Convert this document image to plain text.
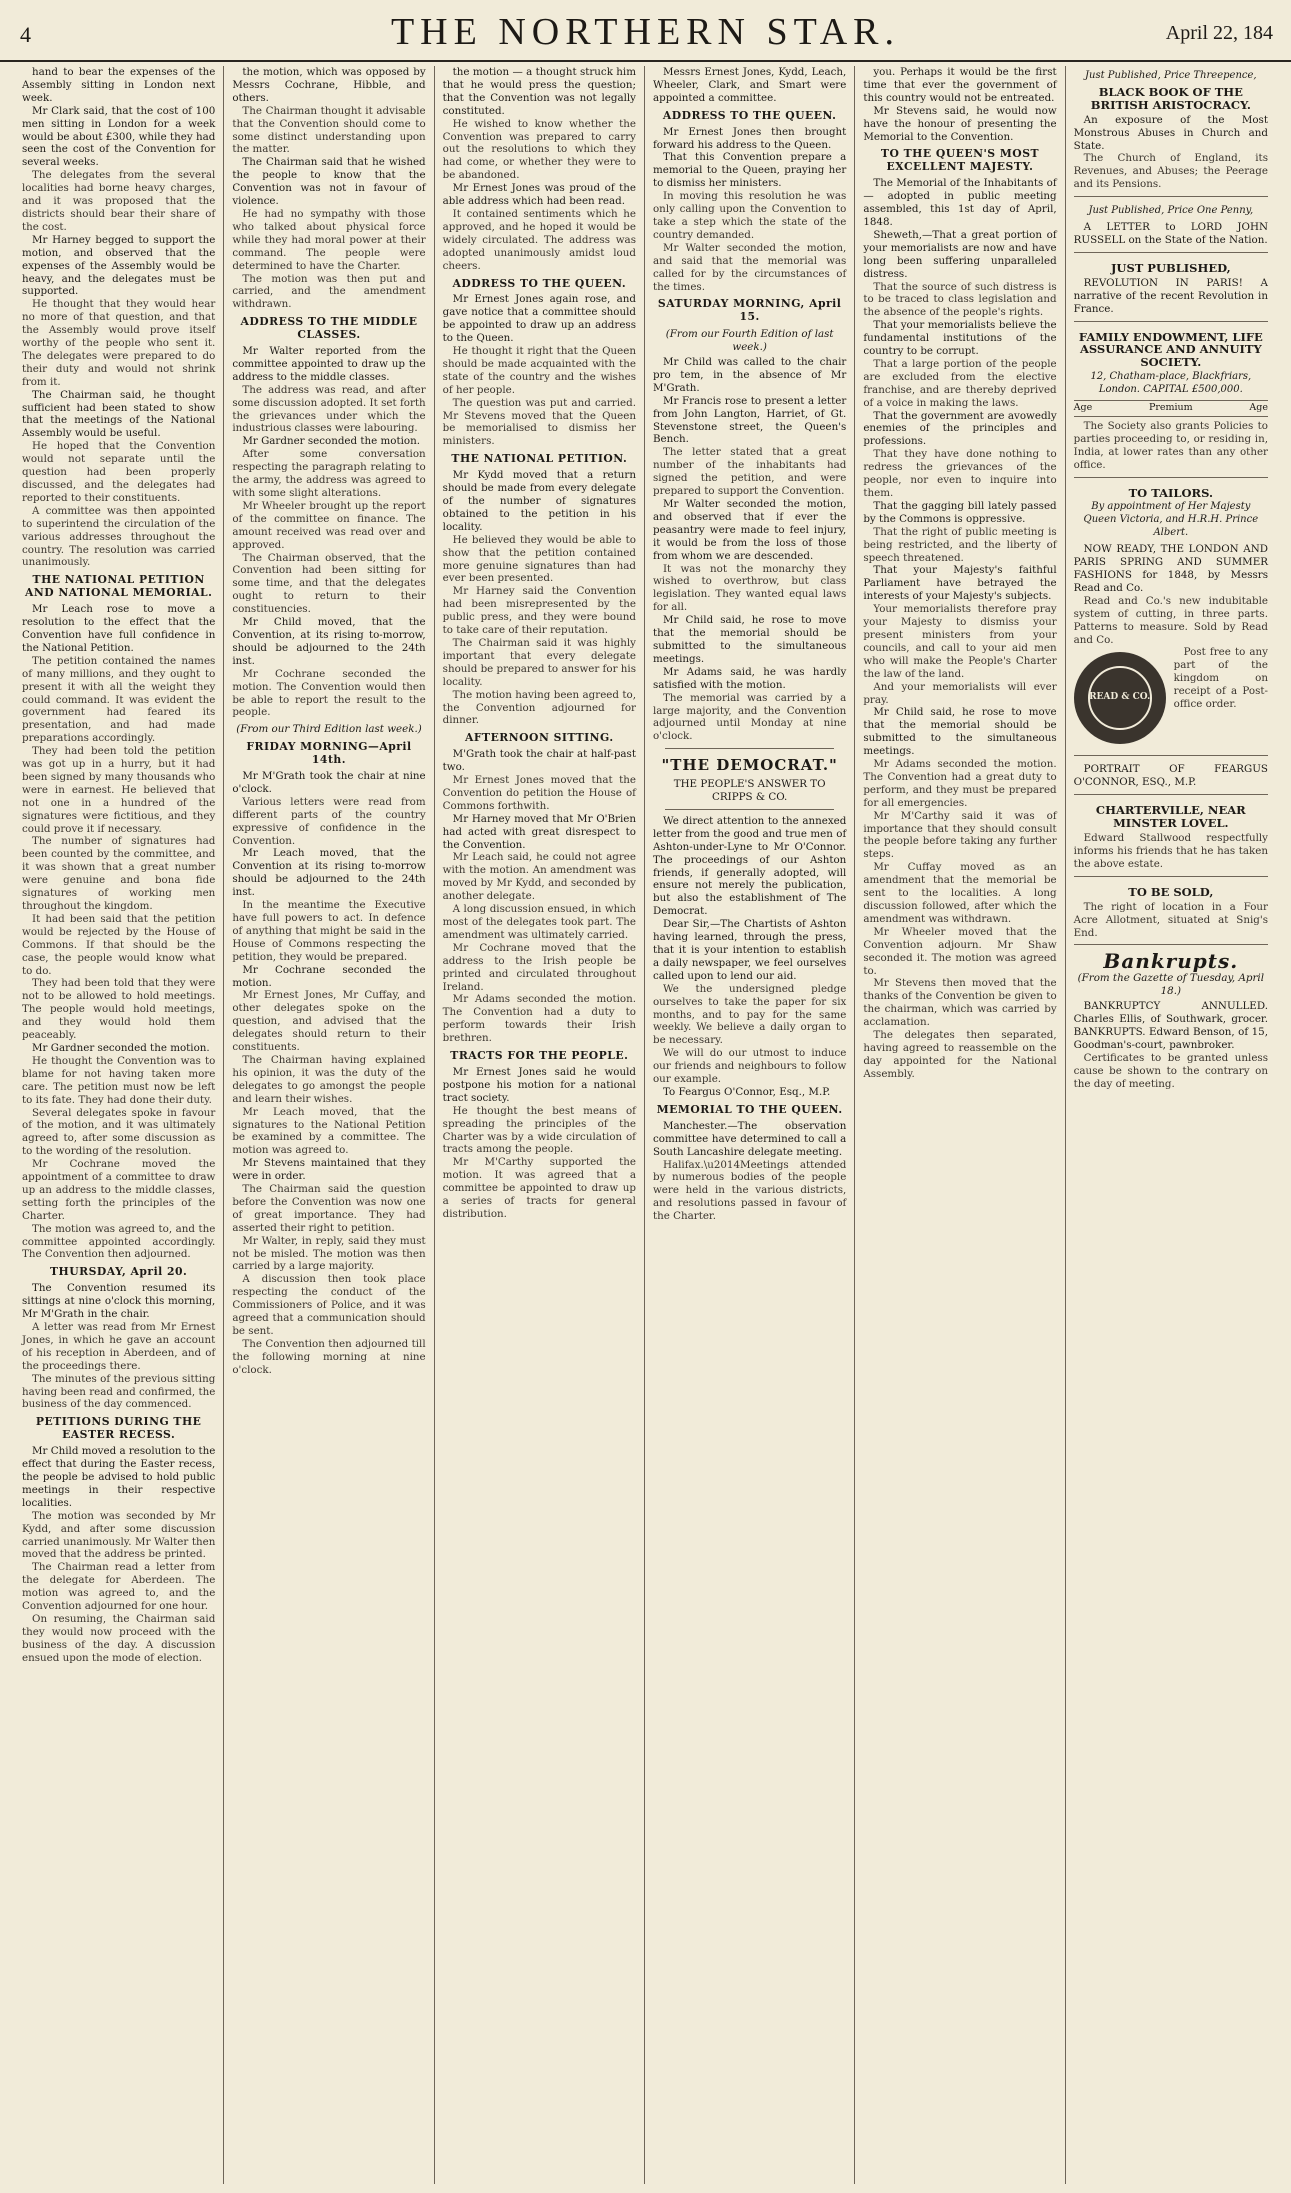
4	THE NORTHERN STAR.	April 22, 184

hand to bear the expenses of the Assembly sitting in London next week.

Mr Clark said, that the cost of 100 men sitting in London for a week would be about £300, while they had seen the cost of the Convention for several weeks.

The delegates from the several localities had borne heavy charges, and it was proposed that the districts should bear their share of the cost.

Mr Harney begged to support the motion, and observed that the expenses of the Assembly would be heavy, and the delegates must be supported.

He thought that they would hear no more of that question, and that the Assembly would prove itself worthy of the people who sent it. The delegates were prepared to do their duty and would not shrink from it.

The Chairman said, he thought sufficient had been stated to show that the meetings of the National Assembly would be useful.

He hoped that the Convention would not separate until the question had been properly discussed, and the delegates had reported to their constituents.

A committee was then appointed to superintend the circulation of the various addresses throughout the country. The resolution was carried unanimously.

THE NATIONAL PETITION AND NATIONAL MEMORIAL.

Mr Leach rose to move a resolution to the effect that the Convention have full confidence in the National Petition.

The petition contained the names of many millions, and they ought to present it with all the weight they could command. It was evident the government had feared its presentation, and had made preparations accordingly.

They had been told the petition was got up in a hurry, but it had been signed by many thousands who were in earnest. He believed that not one in a hundred of the signatures were fictitious, and they could prove it if necessary.

The number of signatures had been counted by the committee, and it was shown that a great number were genuine and bona fide signatures of working men throughout the kingdom.

It had been said that the petition would be rejected by the House of Commons. If that should be the case, the people would know what to do.

They had been told that they were not to be allowed to hold meetings. The people would hold meetings, and they would hold them peaceably.

Mr Gardner seconded the motion.

He thought the Convention was to blame for not having taken more care. The petition must now be left to its fate. They had done their duty.

Several delegates spoke in favour of the motion, and it was ultimately agreed to, after some discussion as to the wording of the resolution.

Mr Cochrane moved the appointment of a committee to draw up an address to the middle classes, setting forth the principles of the Charter.

The motion was agreed to, and the committee appointed accordingly. The Convention then adjourned.

THURSDAY, April 20.

The Convention resumed its sittings at nine o'clock this morning, Mr M'Grath in the chair.

A letter was read from Mr Ernest Jones, in which he gave an account of his reception in Aberdeen, and of the proceedings there.

The minutes of the previous sitting having been read and confirmed, the business of the day commenced.

PETITIONS DURING THE EASTER RECESS.

Mr Child moved a resolution to the effect that during the Easter recess, the people be advised to hold public meetings in their respective localities.

The motion was seconded by Mr Kydd, and after some discussion carried unanimously. Mr Walter then moved that the address be printed.

The Chairman read a letter from the delegate for Aberdeen. The motion was agreed to, and the Convention adjourned for one hour.

On resuming, the Chairman said they would now proceed with the business of the day. A discussion ensued upon the mode of election.

the motion, which was opposed by Messrs Cochrane, Hibble, and others.

The Chairman thought it advisable that the Convention should come to some distinct understanding upon the matter.

The Chairman said that he wished the people to know that the Convention was not in favour of violence.

He had no sympathy with those who talked about physical force while they had moral power at their command. The people were determined to have the Charter.

The motion was then put and carried, and the amendment withdrawn.

ADDRESS TO THE MIDDLE CLASSES.

Mr Walter reported from the committee appointed to draw up the address to the middle classes.

The address was read, and after some discussion adopted. It set forth the grievances under which the industrious classes were labouring.

Mr Gardner seconded the motion.

After some conversation respecting the paragraph relating to the army, the address was agreed to with some slight alterations.

Mr Wheeler brought up the report of the committee on finance. The amount received was read over and approved.

The Chairman observed, that the Convention had been sitting for some time, and that the delegates ought to return to their constituencies.

Mr Child moved, that the Convention, at its rising to-morrow, should be adjourned to the 24th inst.

Mr Cochrane seconded the motion. The Convention would then be able to report the result to the people.

(From our Third Edition last week.)
FRIDAY MORNING—April 14th.

Mr M'Grath took the chair at nine o'clock.

Various letters were read from different parts of the country expressive of confidence in the Convention.

Mr Leach moved, that the Convention at its rising to-morrow should be adjourned to the 24th inst.

In the meantime the Executive have full powers to act. In defence of anything that might be said in the House of Commons respecting the petition, they would be prepared.

Mr Cochrane seconded the motion.

Mr Ernest Jones, Mr Cuffay, and other delegates spoke on the question, and advised that the delegates should return to their constituents.

The Chairman having explained his opinion, it was the duty of the delegates to go amongst the people and learn their wishes.

Mr Leach moved, that the signatures to the National Petition be examined by a committee. The motion was agreed to.

Mr Stevens maintained that they were in order.

The Chairman said the question before the Convention was now one of great importance. They had asserted their right to petition.

Mr Walter, in reply, said they must not be misled. The motion was then carried by a large majority.

A discussion then took place respecting the conduct of the Commissioners of Police, and it was agreed that a communication should be sent.

The Convention then adjourned till the following morning at nine o'clock.

the motion — a thought struck him that he would press the question; that the Convention was not legally constituted.

He wished to know whether the Convention was prepared to carry out the resolutions to which they had come, or whether they were to be abandoned.

Mr Ernest Jones was proud of the able address which had been read.

It contained sentiments which he approved, and he hoped it would be widely circulated. The address was adopted unanimously amidst loud cheers.

ADDRESS TO THE QUEEN.

Mr Ernest Jones again rose, and gave notice that a committee should be appointed to draw up an address to the Queen.

He thought it right that the Queen should be made acquainted with the state of the country and the wishes of her people.

The question was put and carried. Mr Stevens moved that the Queen be memorialised to dismiss her ministers.

THE NATIONAL PETITION.

Mr Kydd moved that a return should be made from every delegate of the number of signatures obtained to the petition in his locality.

He believed they would be able to show that the petition contained more genuine signatures than had ever been presented.

Mr Harney said the Convention had been misrepresented by the public press, and they were bound to take care of their reputation.

The Chairman said it was highly important that every delegate should be prepared to answer for his locality.

The motion having been agreed to, the Convention adjourned for dinner.

AFTERNOON SITTING.

M'Grath took the chair at half-past two.

Mr Ernest Jones moved that the Convention do petition the House of Commons forthwith.

Mr Harney moved that Mr O'Brien had acted with great disrespect to the Convention.

Mr Leach said, he could not agree with the motion. An amendment was moved by Mr Kydd, and seconded by another delegate.

A long discussion ensued, in which most of the delegates took part. The amendment was ultimately carried.

Mr Cochrane moved that the address to the Irish people be printed and circulated throughout Ireland.

Mr Adams seconded the motion. The Convention had a duty to perform towards their Irish brethren.

TRACTS FOR THE PEOPLE.

Mr Ernest Jones said he would postpone his motion for a national tract society.

He thought the best means of spreading the principles of the Charter was by a wide circulation of tracts among the people.

Mr M'Carthy supported the motion. It was agreed that a committee be appointed to draw up a series of tracts for general distribution.

Messrs Ernest Jones, Kydd, Leach, Wheeler, Clark, and Smart were appointed a committee.

ADDRESS TO THE QUEEN.

Mr Ernest Jones then brought forward his address to the Queen.

That this Convention prepare a memorial to the Queen, praying her to dismiss her ministers.

In moving this resolution he was only calling upon the Convention to take a step which the state of the country demanded.

Mr Walter seconded the motion, and said that the memorial was called for by the circumstances of the times.

SATURDAY MORNING, April 15.
(From our Fourth Edition of last week.)

Mr Child was called to the chair pro tem, in the absence of Mr M'Grath.

Mr Francis rose to present a letter from John Langton, Harriet, of Gt. Stevenstone street, the Queen's Bench.

The letter stated that a great number of the inhabitants had signed the petition, and were prepared to support the Convention.

Mr Walter seconded the motion, and observed that if ever the peasantry were made to feel injury, it would be from the loss of those from whom we are descended.

It was not the monarchy they wished to overthrow, but class legislation. They wanted equal laws for all.

Mr Child said, he rose to move that the memorial should be submitted to the simultaneous meetings.

Mr Adams said, he was hardly satisfied with the motion.

The memorial was carried by a large majority, and the Convention adjourned until Monday at nine o'clock.

"THE DEMOCRAT."
THE PEOPLE'S ANSWER TO CRIPPS & CO.

We direct attention to the annexed letter from the good and true men of Ashton-under-Lyne to Mr O'Connor. The proceedings of our Ashton friends, if generally adopted, will ensure not merely the publication, but also the establishment of The Democrat.

Dear Sir,—The Chartists of Ashton having learned, through the press, that it is your intention to establish a daily newspaper, we feel ourselves called upon to lend our aid.

We the undersigned pledge ourselves to take the paper for six months, and to pay for the same weekly. We believe a daily organ to be necessary.

We will do our utmost to induce our friends and neighbours to follow our example.

To Feargus O'Connor, Esq., M.P.

MEMORIAL TO THE QUEEN.

Manchester.—The observation committee have determined to call a South Lancashire delegate meeting.

Halifax.\u2014Meetings attended by numerous bodies of the people were held in the various districts, and resolutions passed in favour of the Charter.

you. Perhaps it would be the first time that ever the government of this country would not be entreated.

Mr Stevens said, he would now have the honour of presenting the Memorial to the Convention.

TO THE QUEEN'S MOST EXCELLENT MAJESTY.

The Memorial of the Inhabitants of — adopted in public meeting assembled, this 1st day of April, 1848.

Sheweth,—That a great portion of your memorialists are now and have long been suffering unparalleled distress.

That the source of such distress is to be traced to class legislation and the absence of the people's rights.

That your memorialists believe the fundamental institutions of the country to be corrupt.

That a large portion of the people are excluded from the elective franchise, and are thereby deprived of a voice in making the laws.

That the government are avowedly enemies of the principles and professions.

That they have done nothing to redress the grievances of the people, nor even to inquire into them.

That the gagging bill lately passed by the Commons is oppressive.

That the right of public meeting is being restricted, and the liberty of speech threatened.

That your Majesty's faithful Parliament have betrayed the interests of your Majesty's subjects.

Your memorialists therefore pray your Majesty to dismiss your present ministers from your councils, and call to your aid men who will make the People's Charter the law of the land.

And your memorialists will ever pray.

Mr Child said, he rose to move that the memorial should be submitted to the simultaneous meetings.

Mr Adams seconded the motion. The Convention had a great duty to perform, and they must be prepared for all emergencies.

Mr M'Carthy said it was of importance that they should consult the people before taking any further steps.

Mr Cuffay moved as an amendment that the memorial be sent to the localities. A long discussion followed, after which the amendment was withdrawn.

Mr Wheeler moved that the Convention adjourn. Mr Shaw seconded it. The motion was agreed to.

Mr Stevens then moved that the thanks of the Convention be given to the chairman, which was carried by acclamation.

The delegates then separated, having agreed to reassemble on the day appointed for the National Assembly.

Just Published, Price Threepence,
BLACK BOOK OF THE BRITISH ARISTOCRACY.

An exposure of the Most Monstrous Abuses in Church and State.

The Church of England, its Revenues, and Abuses; the Peerage and its Pensions.

Just Published, Price One Penny,

A LETTER to LORD JOHN RUSSELL on the State of the Nation.

JUST PUBLISHED,

REVOLUTION IN PARIS! A narrative of the recent Revolution in France.

FAMILY ENDOWMENT, LIFE ASSURANCE AND ANNUITY SOCIETY.
12, Chatham-place, Blackfriars, London. CAPITAL £500,000.
Age	Premium	Age

The Society also grants Policies to parties proceeding to, or residing in, India, at lower rates than any other office.

TO TAILORS.
By appointment of Her Majesty Queen Victoria, and H.R.H. Prince Albert.

NOW READY, THE LONDON AND PARIS SPRING AND SUMMER FASHIONS for 1848, by Messrs Read and Co.

Read and Co.'s new indubitable system of cutting, in three parts. Patterns to measure. Sold by Read and Co.

READ & CO.

Post free to any part of the kingdom on receipt of a Post-office order.

PORTRAIT OF FEARGUS O'CONNOR, ESQ., M.P.

CHARTERVILLE, NEAR MINSTER LOVEL.

Edward Stallwood respectfully informs his friends that he has taken the above estate.

TO BE SOLD,

The right of location in a Four Acre Allotment, situated at Snig's End.

Bankrupts.
(From the Gazette of Tuesday, April 18.)

BANKRUPTCY ANNULLED. Charles Ellis, of Southwark, grocer. BANKRUPTS. Edward Benson, of 15, Goodman's-court, pawnbroker.

Certificates to be granted unless cause be shown to the contrary on the day of meeting.
